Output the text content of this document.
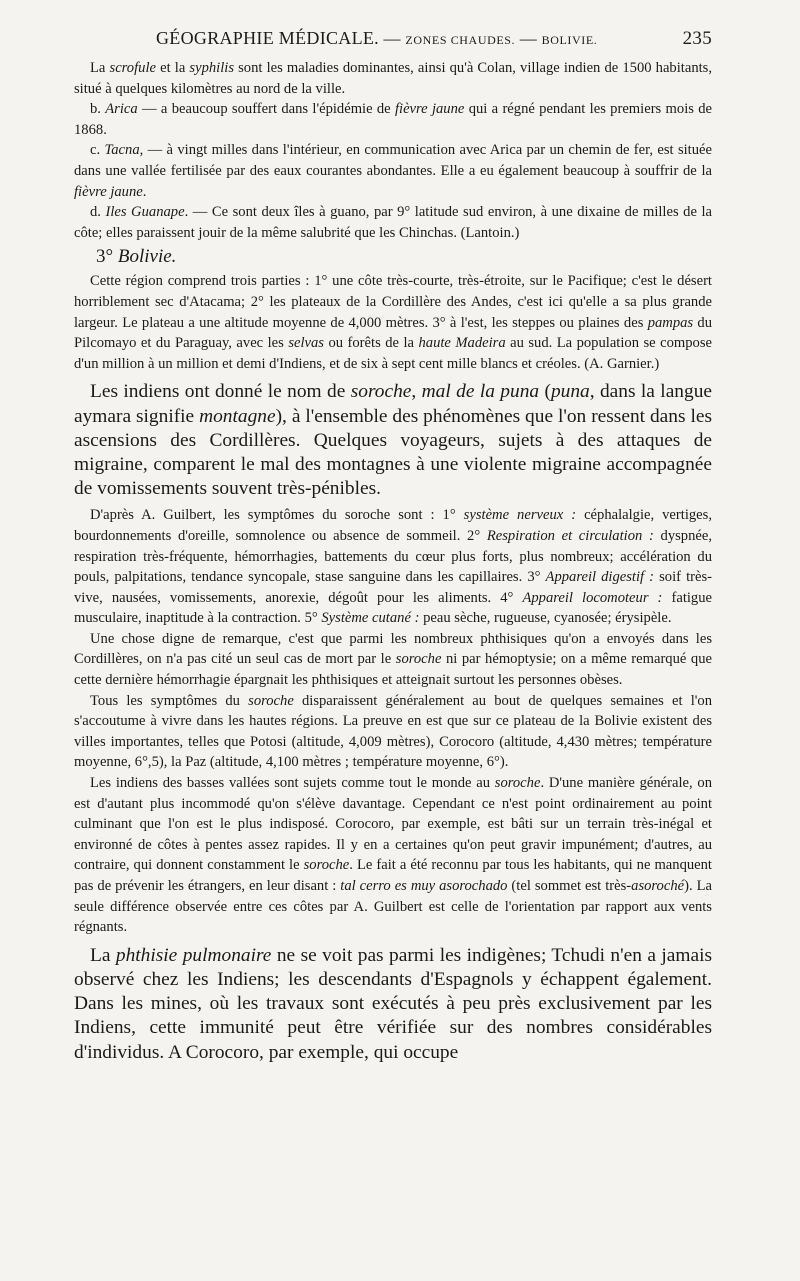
GÉOGRAPHIE MÉDICALE. — ZONES CHAUDES. — BOLIVIE.	235

La scrofule et la syphilis sont les maladies dominantes, ainsi qu'à Colan, village indien de 1500 habitants, situé à quelques kilomètres au nord de la ville.

b. Arica — a beaucoup souffert dans l'épidémie de fièvre jaune qui a régné pendant les premiers mois de 1868.

c. Tacna, — à vingt milles dans l'intérieur, en communication avec Arica par un chemin de fer, est située dans une vallée fertilisée par des eaux courantes abondantes. Elle a eu également beaucoup à souffrir de la fièvre jaune.

d. Iles Guanape. — Ce sont deux îles à guano, par 9° latitude sud environ, à une dixaine de milles de la côte; elles paraissent jouir de la même salubrité que les Chinchas. (Lantoin.)

3° Bolivie.

Cette région comprend trois parties : 1° une côte très-courte, très-étroite, sur le Pacifique; c'est le désert horriblement sec d'Atacama; 2° les plateaux de la Cordillère des Andes, c'est ici qu'elle a sa plus grande largeur. Le plateau a une altitude moyenne de 4,000 mètres. 3° à l'est, les steppes ou plaines des pampas du Pilcomayo et du Paraguay, avec les selvas ou forêts de la haute Madeira au sud. La population se compose d'un million à un million et demi d'Indiens, et de six à sept cent mille blancs et créoles. (A. Garnier.)

Les indiens ont donné le nom de soroche, mal de la puna (puna, dans la langue aymara signifie montagne), à l'ensemble des phénomènes que l'on ressent dans les ascensions des Cordillères. Quelques voyageurs, sujets à des attaques de migraine, comparent le mal des montagnes à une violente migraine accompagnée de vomissements souvent très-pénibles.

D'après A. Guilbert, les symptômes du soroche sont : 1° système nerveux : céphalalgie, vertiges, bourdonnements d'oreille, somnolence ou absence de sommeil. 2° Respiration et circulation : dyspnée, respiration très-fréquente, hémorrhagies, battements du cœur plus forts, plus nombreux; accélération du pouls, palpitations, tendance syncopale, stase sanguine dans les capillaires. 3° Appareil digestif : soif très-vive, nausées, vomissements, anorexie, dégoût pour les aliments. 4° Appareil locomoteur : fatigue musculaire, inaptitude à la contraction. 5° Système cutané : peau sèche, rugueuse, cyanosée; érysipèle.

Une chose digne de remarque, c'est que parmi les nombreux phthisiques qu'on a envoyés dans les Cordillères, on n'a pas cité un seul cas de mort par le soroche ni par hémoptysie; on a même remarqué que cette dernière hémorrhagie épargnait les phthisiques et atteignait surtout les personnes obèses.

Tous les symptômes du soroche disparaissent généralement au bout de quelques semaines et l'on s'accoutume à vivre dans les hautes régions. La preuve en est que sur ce plateau de la Bolivie existent des villes importantes, telles que Potosi (altitude, 4,009 mètres), Corocoro (altitude, 4,430 mètres; température moyenne, 6°,5), la Paz (altitude, 4,100 mètres ; température moyenne, 6°).

Les indiens des basses vallées sont sujets comme tout le monde au soroche. D'une manière générale, on est d'autant plus incommodé qu'on s'élève davantage. Cependant ce n'est point ordinairement au point culminant que l'on est le plus indisposé. Corocoro, par exemple, est bâti sur un terrain très-inégal et environné de côtes à pentes assez rapides. Il y en a certaines qu'on peut gravir impunément; d'autres, au contraire, qui donnent constamment le soroche. Le fait a été reconnu par tous les habitants, qui ne manquent pas de prévenir les étrangers, en leur disant : tal cerro es muy asorochado (tel sommet est très-asoroché). La seule différence observée entre ces côtes par A. Guilbert est celle de l'orientation par rapport aux vents régnants.

La phthisie pulmonaire ne se voit pas parmi les indigènes; Tchudi n'en a jamais observé chez les Indiens; les descendants d'Espagnols y échappent également. Dans les mines, où les travaux sont exécutés à peu près exclusivement par les Indiens, cette immunité peut être vérifiée sur des nombres considérables d'individus. A Corocoro, par exemple, qui occupe
